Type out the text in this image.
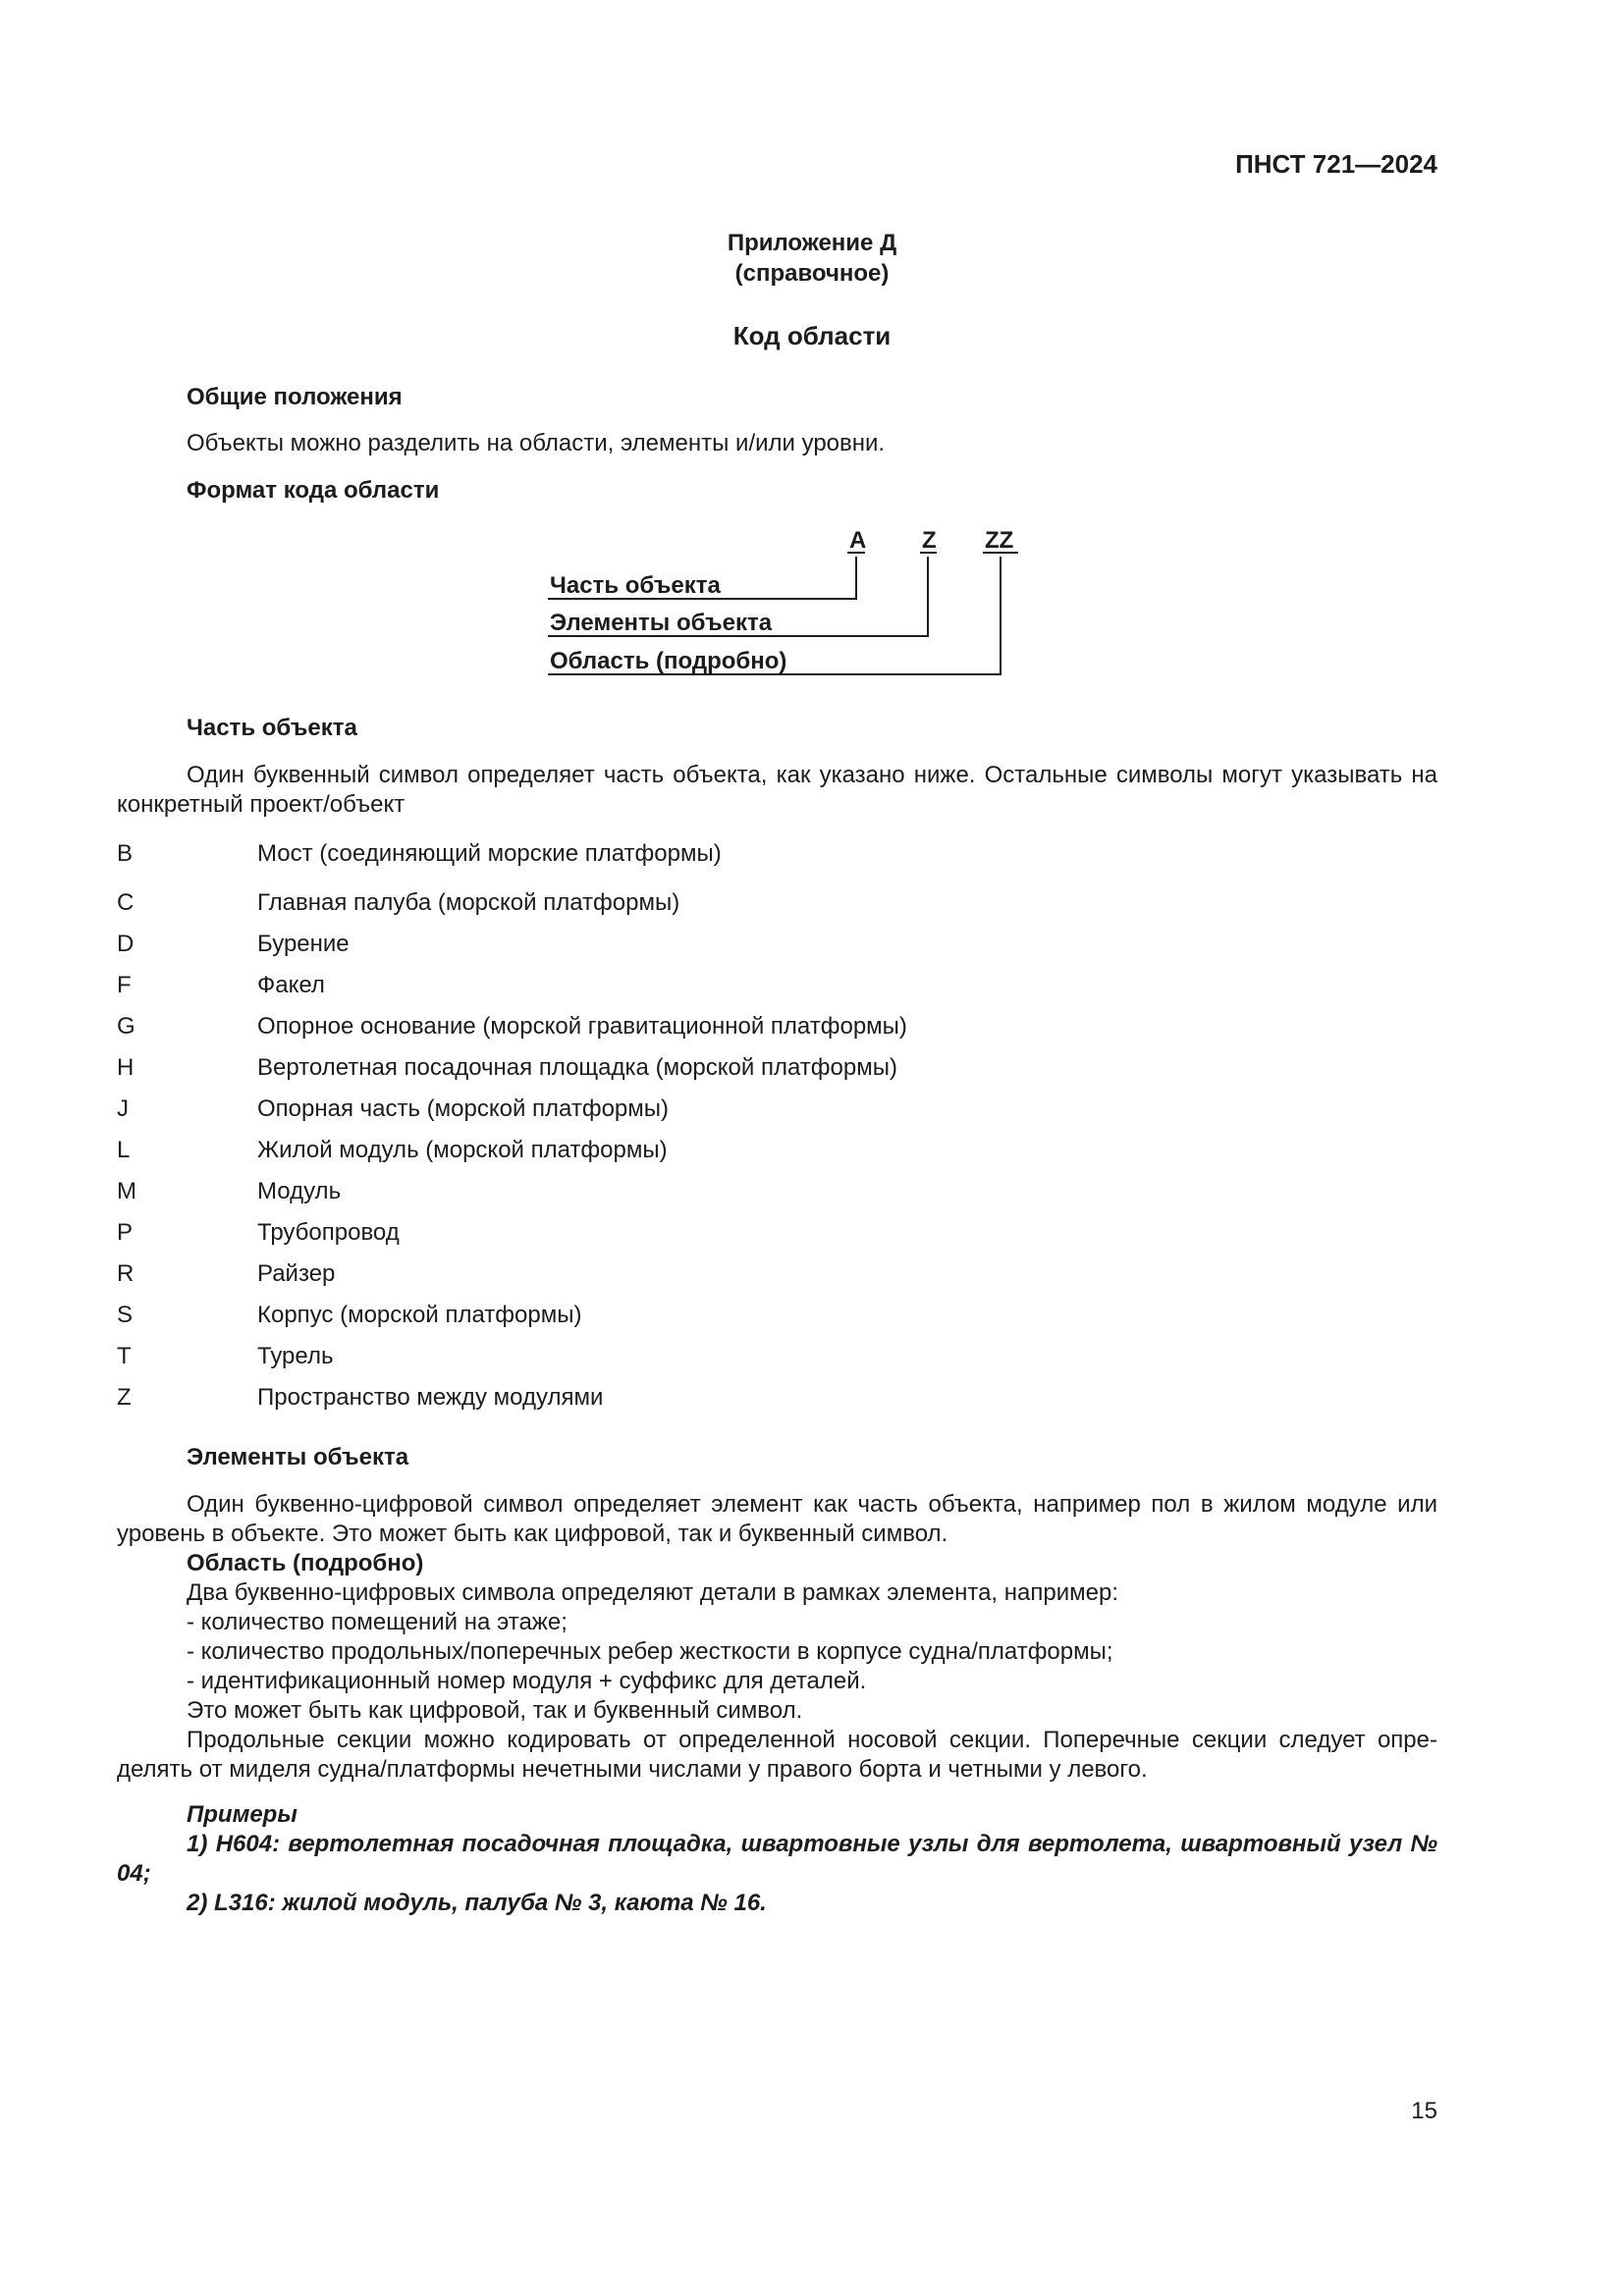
ПНСТ 721—2024
Приложение Д
(справочное)
Код области
Общие положения
Объекты можно разделить на области, элементы и/или уровни.
Формат кода области
A Z ZZ
Часть объекта
Элементы объекта
Область (подробно)
Часть объекта
Один буквенный символ определяет часть объекта, как указано ниже. Остальные символы могут указывать на конкретный проект/объект
B	Мост (соединяющий морские платформы)
C	Главная палуба (морской платформы)
D	Бурение
F	Факел
G	Опорное основание (морской гравитационной платформы)
H	Вертолетная посадочная площадка (морской платформы)
J	Опорная часть (морской платформы)
L	Жилой модуль (морской платформы)
M	Модуль
P	Трубопровод
R	Райзер
S	Корпус (морской платформы)
T	Турель
Z	Пространство между модулями
Элементы объекта
Один буквенно-цифровой символ определяет элемент как часть объекта, например пол в жилом модуле или уровень в объекте. Это может быть как цифровой, так и буквенный символ.
Область (подробно)
Два буквенно-цифровых символа определяют детали в рамках элемента, например:
- количество помещений на этаже;
- количество продольных/поперечных ребер жесткости в корпусе судна/платформы;
- идентификационный номер модуля + суффикс для деталей.
Это может быть как цифровой, так и буквенный символ.
Продольные секции можно кодировать от определенной носовой секции. Поперечные секции следует опре-делять от миделя судна/платформы нечетными числами у правого борта и четными у левого.
Примеры
1) H604: вертолетная посадочная площадка, швартовные узлы для вертолета, швартовный узел № 04;
2) L316: жилой модуль, палуба № 3, каюта № 16.
15
